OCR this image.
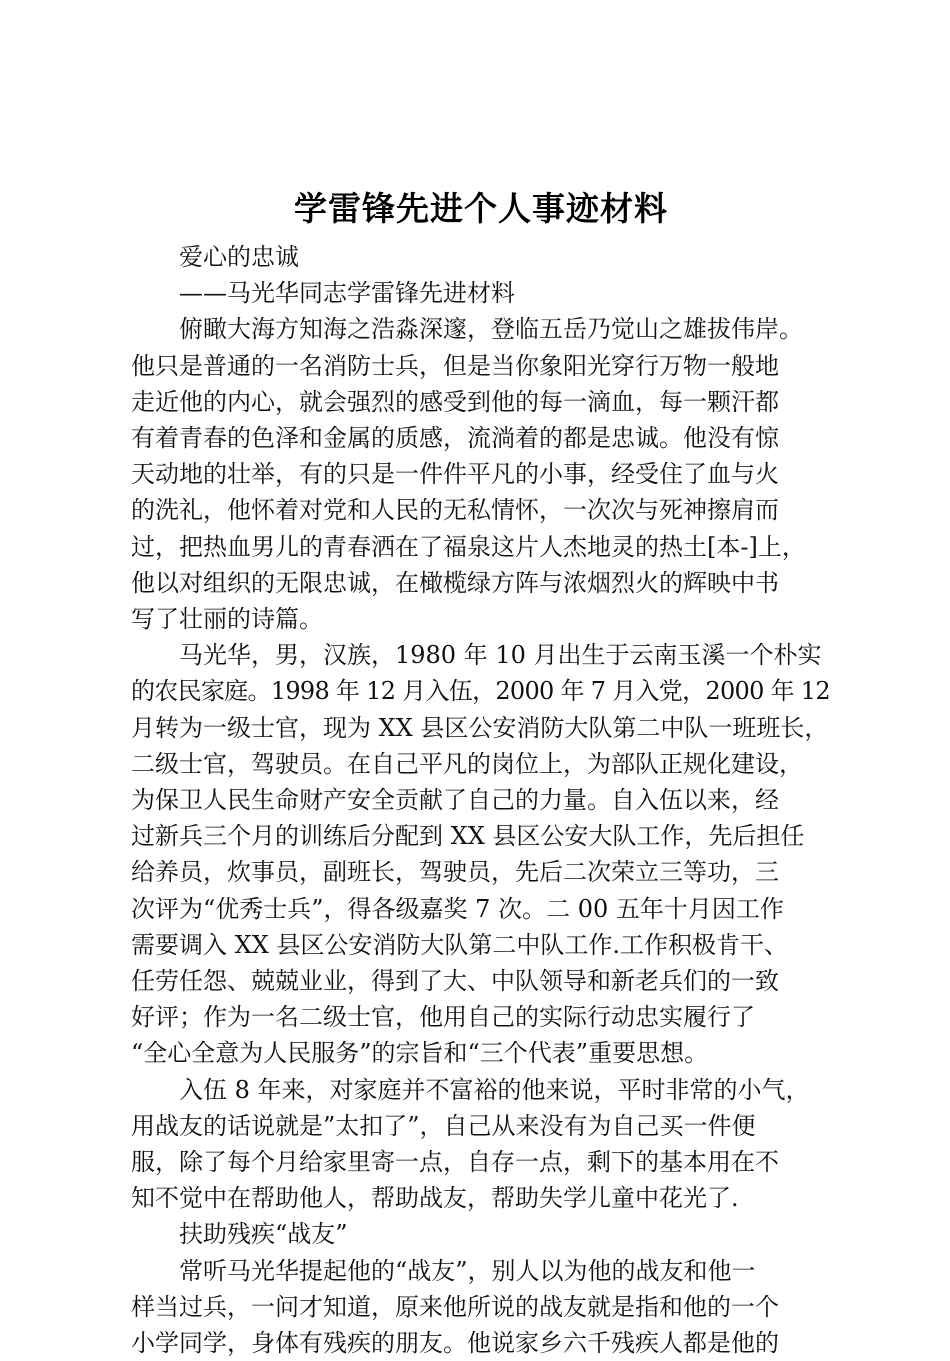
学雷锋先进个人事迹材料

爱心的忠诚

——马光华同志学雷锋先进材料

俯瞰大海方知海之浩淼深邃，登临五岳乃觉山之雄拔伟岸。

他只是普通的一名消防士兵，但是当你象阳光穿行万物一般地

走近他的内心，就会强烈的感受到他的每一滴血，每一颗汗都

有着青春的色泽和金属的质感，流淌着的都是忠诚。他没有惊

天动地的壮举，有的只是一件件平凡的小事，经受住了血与火

的洗礼，他怀着对党和人民的无私情怀，一次次与死神擦肩而

过，把热血男儿的青春洒在了福泉这片人杰地灵的热土[本-]上，

他以对组织的无限忠诚，在橄榄绿方阵与浓烟烈火的辉映中书

写了壮丽的诗篇。

马光华，男，汉族，1980 年 10 月出生于云南玉溪一个朴实

的农民家庭。1998 年 12 月入伍，2000 年 7 月入党，2000 年 12

月转为一级士官，现为 XX 县区公安消防大队第二中队一班班长，

二级士官，驾驶员。在自己平凡的岗位上，为部队正规化建设，

为保卫人民生命财产安全贡献了自己的力量。自入伍以来，经

过新兵三个月的训练后分配到 XX 县区公安大队工作，先后担任

给养员，炊事员，副班长，驾驶员，先后二次荣立三等功，三

次评为“优秀士兵”，得各级嘉奖 7 次。二 00 五年十月因工作

需要调入 XX 县区公安消防大队第二中队工作.工作积极肯干、

任劳任怨、兢兢业业，得到了大、中队领导和新老兵们的一致

好评；作为一名二级士官，他用自己的实际行动忠实履行了

“全心全意为人民服务”的宗旨和“三个代表”重要思想。

入伍 8 年来，对家庭并不富裕的他来说，平时非常的小气，

用战友的话说就是”太扣了”，自己从来没有为自己买一件便

服，除了每个月给家里寄一点，自存一点，剩下的基本用在不

知不觉中在帮助他人，帮助战友，帮助失学儿童中花光了.

扶助残疾“战友”

常听马光华提起他的“战友”，别人以为他的战友和他一

样当过兵，一问才知道，原来他所说的战友就是指和他的一个

小学同学，身体有残疾的朋友。他说家乡六千残疾人都是他的
